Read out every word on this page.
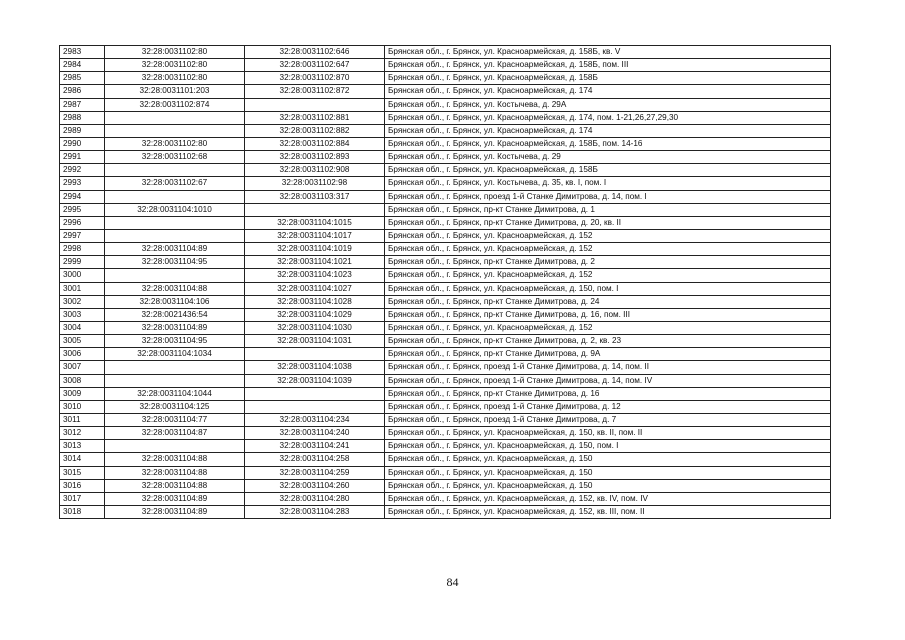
2983	32:28:0031102:80	32:28:0031102:646	Брянская обл., г. Брянск, ул. Красноармейская, д. 158Б, кв. V
2984	32:28:0031102:80	32:28:0031102:647	Брянская обл., г. Брянск, ул. Красноармейская, д. 158Б, пом. III
2985	32:28:0031102:80	32:28:0031102:870	Брянская обл., г. Брянск, ул. Красноармейская, д. 158Б
2986	32:28:0031101:203	32:28:0031102:872	Брянская обл., г. Брянск, ул. Красноармейская, д. 174
2987	32:28:0031102:874		Брянская обл., г. Брянск, ул. Костычева, д. 29А
2988		32:28:0031102:881	Брянская обл., г. Брянск, ул. Красноармейская, д. 174, пом. 1-21,26,27,29,30
2989		32:28:0031102:882	Брянская обл., г. Брянск, ул. Красноармейская, д. 174
2990	32:28:0031102:80	32:28:0031102:884	Брянская обл., г. Брянск, ул. Красноармейская, д. 158Б, пом. 14-16
2991	32:28:0031102:68	32:28:0031102:893	Брянская обл., г. Брянск, ул. Костычева, д. 29
2992		32:28:0031102:908	Брянская обл., г. Брянск, ул. Красноармейская, д. 158Б
2993	32:28:0031102:67	32:28:0031102:98	Брянская обл., г. Брянск, ул. Костычева, д. 35, кв. I, пом. I
2994		32:28:0031103:317	Брянская обл., г. Брянск, проезд 1-й Станке Димитрова, д. 14, пом. I
2995	32:28:0031104:1010		Брянская обл., г. Брянск, пр-кт Станке Димитрова, д. 1
2996		32:28:0031104:1015	Брянская обл., г. Брянск, пр-кт Станке Димитрова, д. 20, кв. II
2997		32:28:0031104:1017	Брянская обл., г. Брянск, ул. Красноармейская, д. 152
2998	32:28:0031104:89	32:28:0031104:1019	Брянская обл., г. Брянск, ул. Красноармейская, д. 152
2999	32:28:0031104:95	32:28:0031104:1021	Брянская обл., г. Брянск, пр-кт Станке Димитрова, д. 2
3000		32:28:0031104:1023	Брянская обл., г. Брянск, ул. Красноармейская, д. 152
3001	32:28:0031104:88	32:28:0031104:1027	Брянская обл., г. Брянск, ул. Красноармейская, д. 150, пом. I
3002	32:28:0031104:106	32:28:0031104:1028	Брянская обл., г. Брянск, пр-кт Станке Димитрова, д. 24
3003	32:28:0021436:54	32:28:0031104:1029	Брянская обл., г. Брянск, пр-кт Станке Димитрова, д. 16, пом. III
3004	32:28:0031104:89	32:28:0031104:1030	Брянская обл., г. Брянск, ул. Красноармейская, д. 152
3005	32:28:0031104:95	32:28:0031104:1031	Брянская обл., г. Брянск, пр-кт Станке Димитрова, д. 2, кв. 23
3006	32:28:0031104:1034		Брянская обл., г. Брянск, пр-кт Станке Димитрова, д. 9А
3007		32:28:0031104:1038	Брянская обл., г. Брянск, проезд 1-й Станке Димитрова, д. 14, пом. II
3008		32:28:0031104:1039	Брянская обл., г. Брянск, проезд 1-й Станке Димитрова, д. 14, пом. IV
3009	32:28:0031104:1044		Брянская обл., г. Брянск, пр-кт Станке Димитрова, д. 16
3010	32:28:0031104:125		Брянская обл., г. Брянск, проезд 1-й Станке Димитрова, д. 12
3011	32:28:0031104:77	32:28:0031104:234	Брянская обл., г. Брянск, проезд 1-й Станке Димитрова, д. 7
3012	32:28:0031104:87	32:28:0031104:240	Брянская обл., г. Брянск, ул. Красноармейская, д. 150, кв. II, пом. II
3013		32:28:0031104:241	Брянская обл., г. Брянск, ул. Красноармейская, д. 150, пом. I
3014	32:28:0031104:88	32:28:0031104:258	Брянская обл., г. Брянск, ул. Красноармейская, д. 150
3015	32:28:0031104:88	32:28:0031104:259	Брянская обл., г. Брянск, ул. Красноармейская, д. 150
3016	32:28:0031104:88	32:28:0031104:260	Брянская обл., г. Брянск, ул. Красноармейская, д. 150
3017	32:28:0031104:89	32:28:0031104:280	Брянская обл., г. Брянск, ул. Красноармейская, д. 152, кв. IV, пом. IV
3018	32:28:0031104:89	32:28:0031104:283	Брянская обл., г. Брянск, ул. Красноармейская, д. 152, кв. III, пом. II
84
